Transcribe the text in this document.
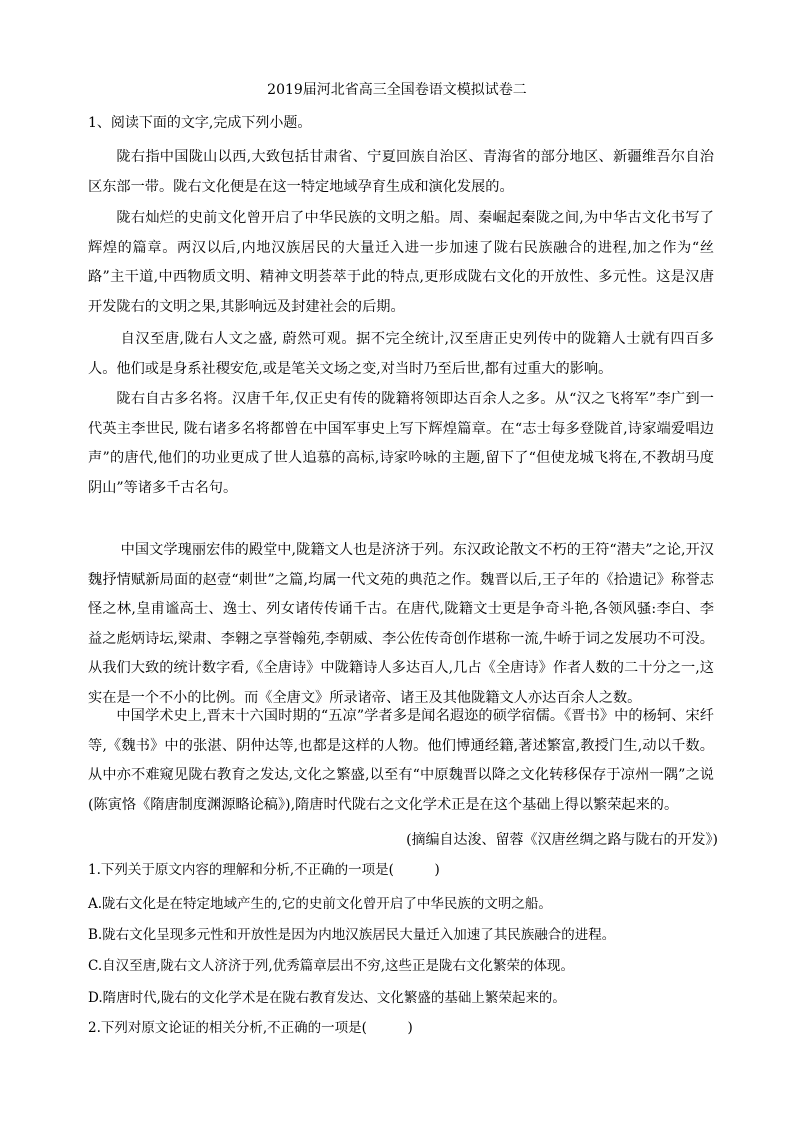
2019届河北省高三全国卷语文模拟试卷二
1、阅读下面的文字,完成下列小题。
陇右指中国陇山以西,大致包括甘肃省、宁夏回族自治区、青海省的部分地区、新疆维吾尔自治区东部一带。陇右文化便是在这一特定地域孕育生成和演化发展的。
陇右灿烂的史前文化曾开启了中华民族的文明之船。周、秦崛起秦陇之间,为中华古文化书写了辉煌的篇章。两汉以后,内地汉族居民的大量迁入进一步加速了陇右民族融合的进程,加之作为“丝路”主干道,中西物质文明、精神文明荟萃于此的特点,更形成陇右文化的开放性、多元性。这是汉唐开发陇右的文明之果,其影响远及封建社会的后期。
自汉至唐,陇右人文之盛, 蔚然可观。据不完全统计,汉至唐正史列传中的陇籍人士就有四百多人。他们或是身系社稷安危,或是笔关文场之变,对当时乃至后世,都有过重大的影响。
陇右自古多名将。汉唐千年,仅正史有传的陇籍将领即达百余人之多。从“汉之飞将军”李广到一代英主李世民, 陇右诸多名将都曾在中国军事史上写下辉煌篇章。在“志士每多登陇首,诗家端爱唱边声”的唐代,他们的功业更成了世人追慕的高标,诗家吟咏的主题,留下了“但使龙城飞将在,不教胡马度阴山”等诸多千古名句。
中国文学瑰丽宏伟的殿堂中,陇籍文人也是济济于列。东汉政论散文不朽的王符“潜夫”之论,开汉魏抒情赋新局面的赵壹“刺世”之篇,均属一代文苑的典范之作。魏晋以后,王子年的《拾遗记》称誉志怪之林,皇甫谧高士、逸士、列女诸传传诵千古。在唐代,陇籍文士更是争奇斗艳,各领风骚:李白、李益之彪炳诗坛,梁肃、李翱之享誉翰苑,李朝威、李公佐传奇创作堪称一流,牛峤于词之发展功不可没。从我们大致的统计数字看,《全唐诗》中陇籍诗人多达百人,几占《全唐诗》作者人数的二十分之一,这实在是一个不小的比例。而《全唐文》所录诸帝、诸王及其他陇籍文人亦达百余人之数。
中国学术史上,晋末十六国时期的“五凉”学者多是闻名遐迩的硕学宿儒。《晋书》中的杨轲、宋纤等,《魏书》中的张湛、阴仲达等,也都是这样的人物。他们博通经籍,著述繁富,教授门生,动以千数。从中亦不难窥见陇右教育之发达,文化之繁盛,以至有“中原魏晋以降之文化转移保存于凉州一隅”之说(陈寅恪《隋唐制度渊源略论稿》),隋唐时代陇右之文化学术正是在这个基础上得以繁荣起来的。
(摘编自达浚、留蓉《汉唐丝绸之路与陇右的开发》)
1.下列关于原文内容的理解和分析,不正确的一项是(　　　)
A.陇右文化是在特定地域产生的,它的史前文化曾开启了中华民族的文明之船。
B.陇右文化呈现多元性和开放性是因为内地汉族居民大量迁入加速了其民族融合的进程。
C.自汉至唐,陇右文人济济于列,优秀篇章层出不穷,这些正是陇右文化繁荣的体现。
D.隋唐时代,陇右的文化学术是在陇右教育发达、文化繁盛的基础上繁荣起来的。
2.下列对原文论证的相关分析,不正确的一项是(　　　)
